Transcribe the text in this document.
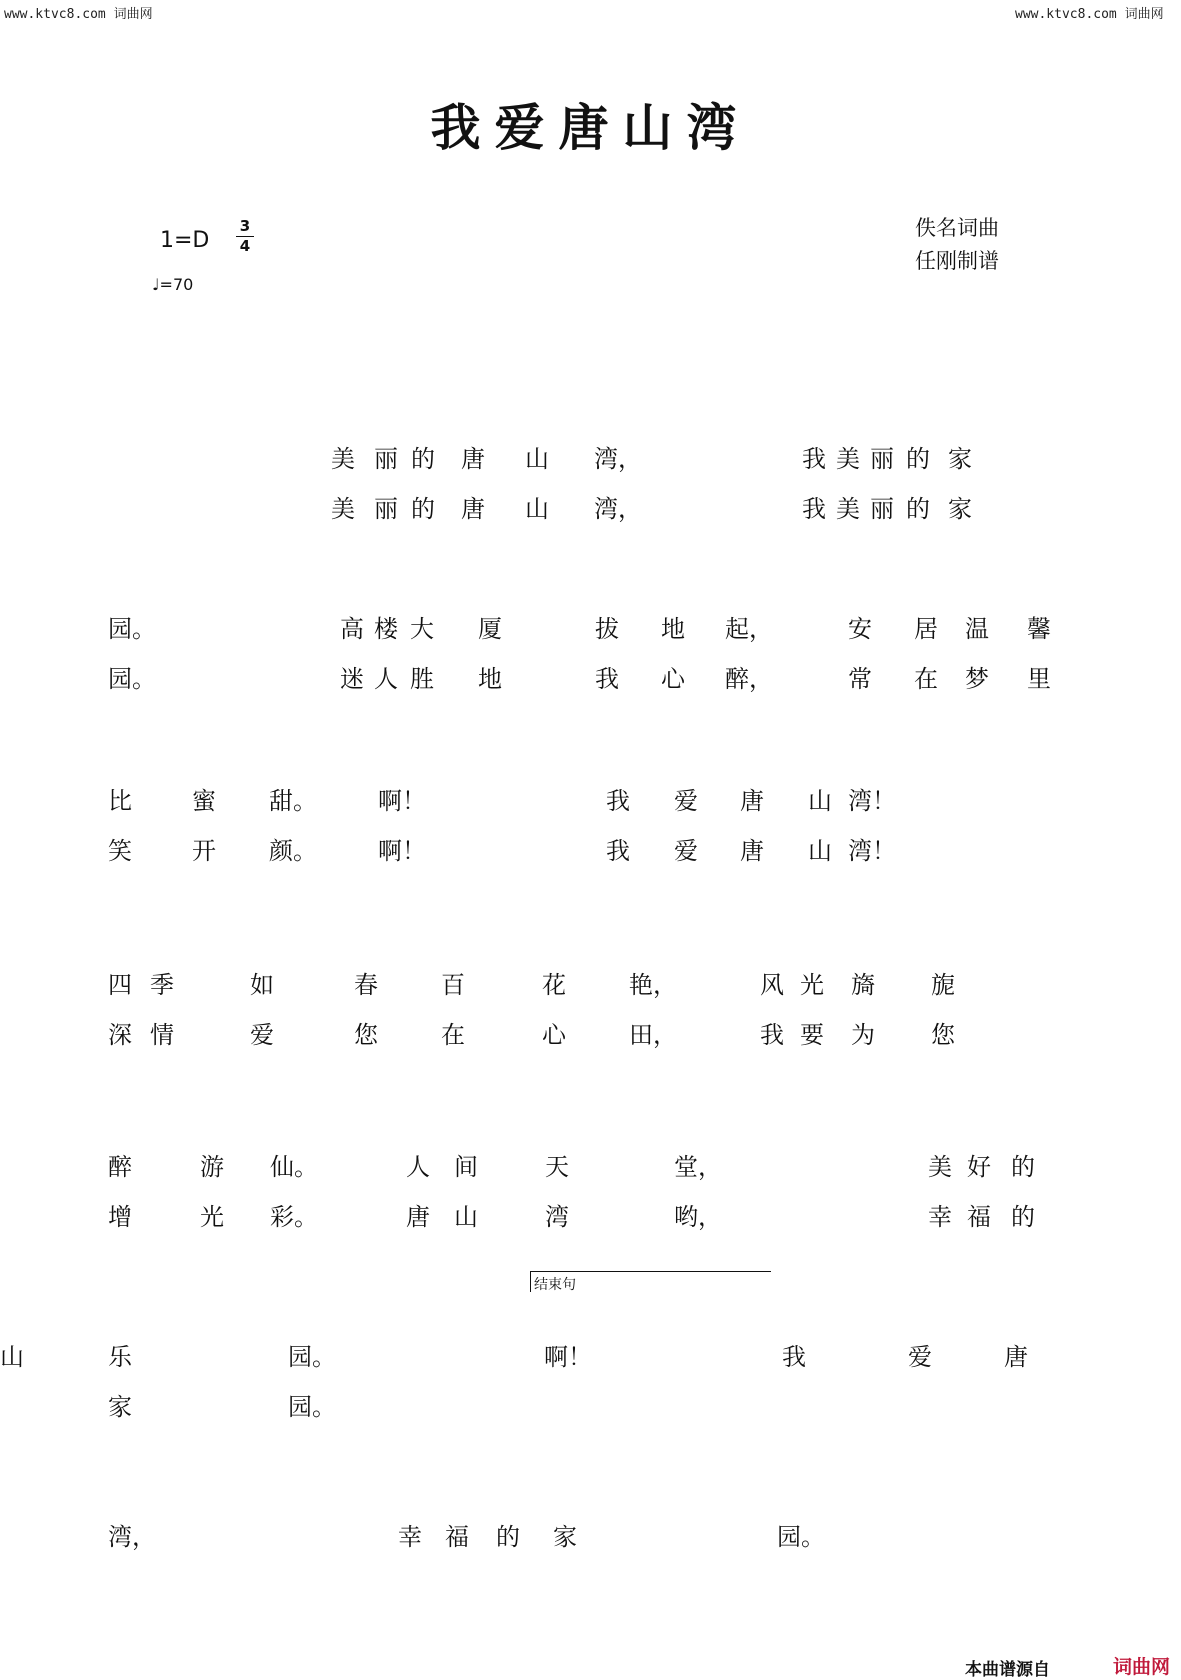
www.ktvc8.com 词曲网	www.ktvc8.com 词曲网
我爱唐山湾
1=D
3
4
♩=70
佚名词曲
任刚制谱
美 丽 的 唐 山 湾，	我 美 丽 的 家
美 丽 的 唐 山 湾，	我 美 丽 的 家
园。	高 楼 大 厦	拔 地 起，	安 居 温 馨
园。	迷 人 胜 地	我 心 醉，	常 在 梦 里
比	蜜 甜。	啊！	我 爱 唐 山 湾！
笑	开 颜。	啊！	我 爱 唐 山 湾！
四 季	如	春	百	花	艳，	风 光 旖 旎
深 情	爱	您	在	心	田，	我 要 为 您
醉	游 仙。	人 间	天	堂，	美 好 的
增	光 彩。	唐 山	湾	哟，	幸 福 的
乐	园。	啊！	我	爱	唐
山
家	园。
湾，	幸 福 的 家	园。
结束句
本曲谱源自	词曲网
